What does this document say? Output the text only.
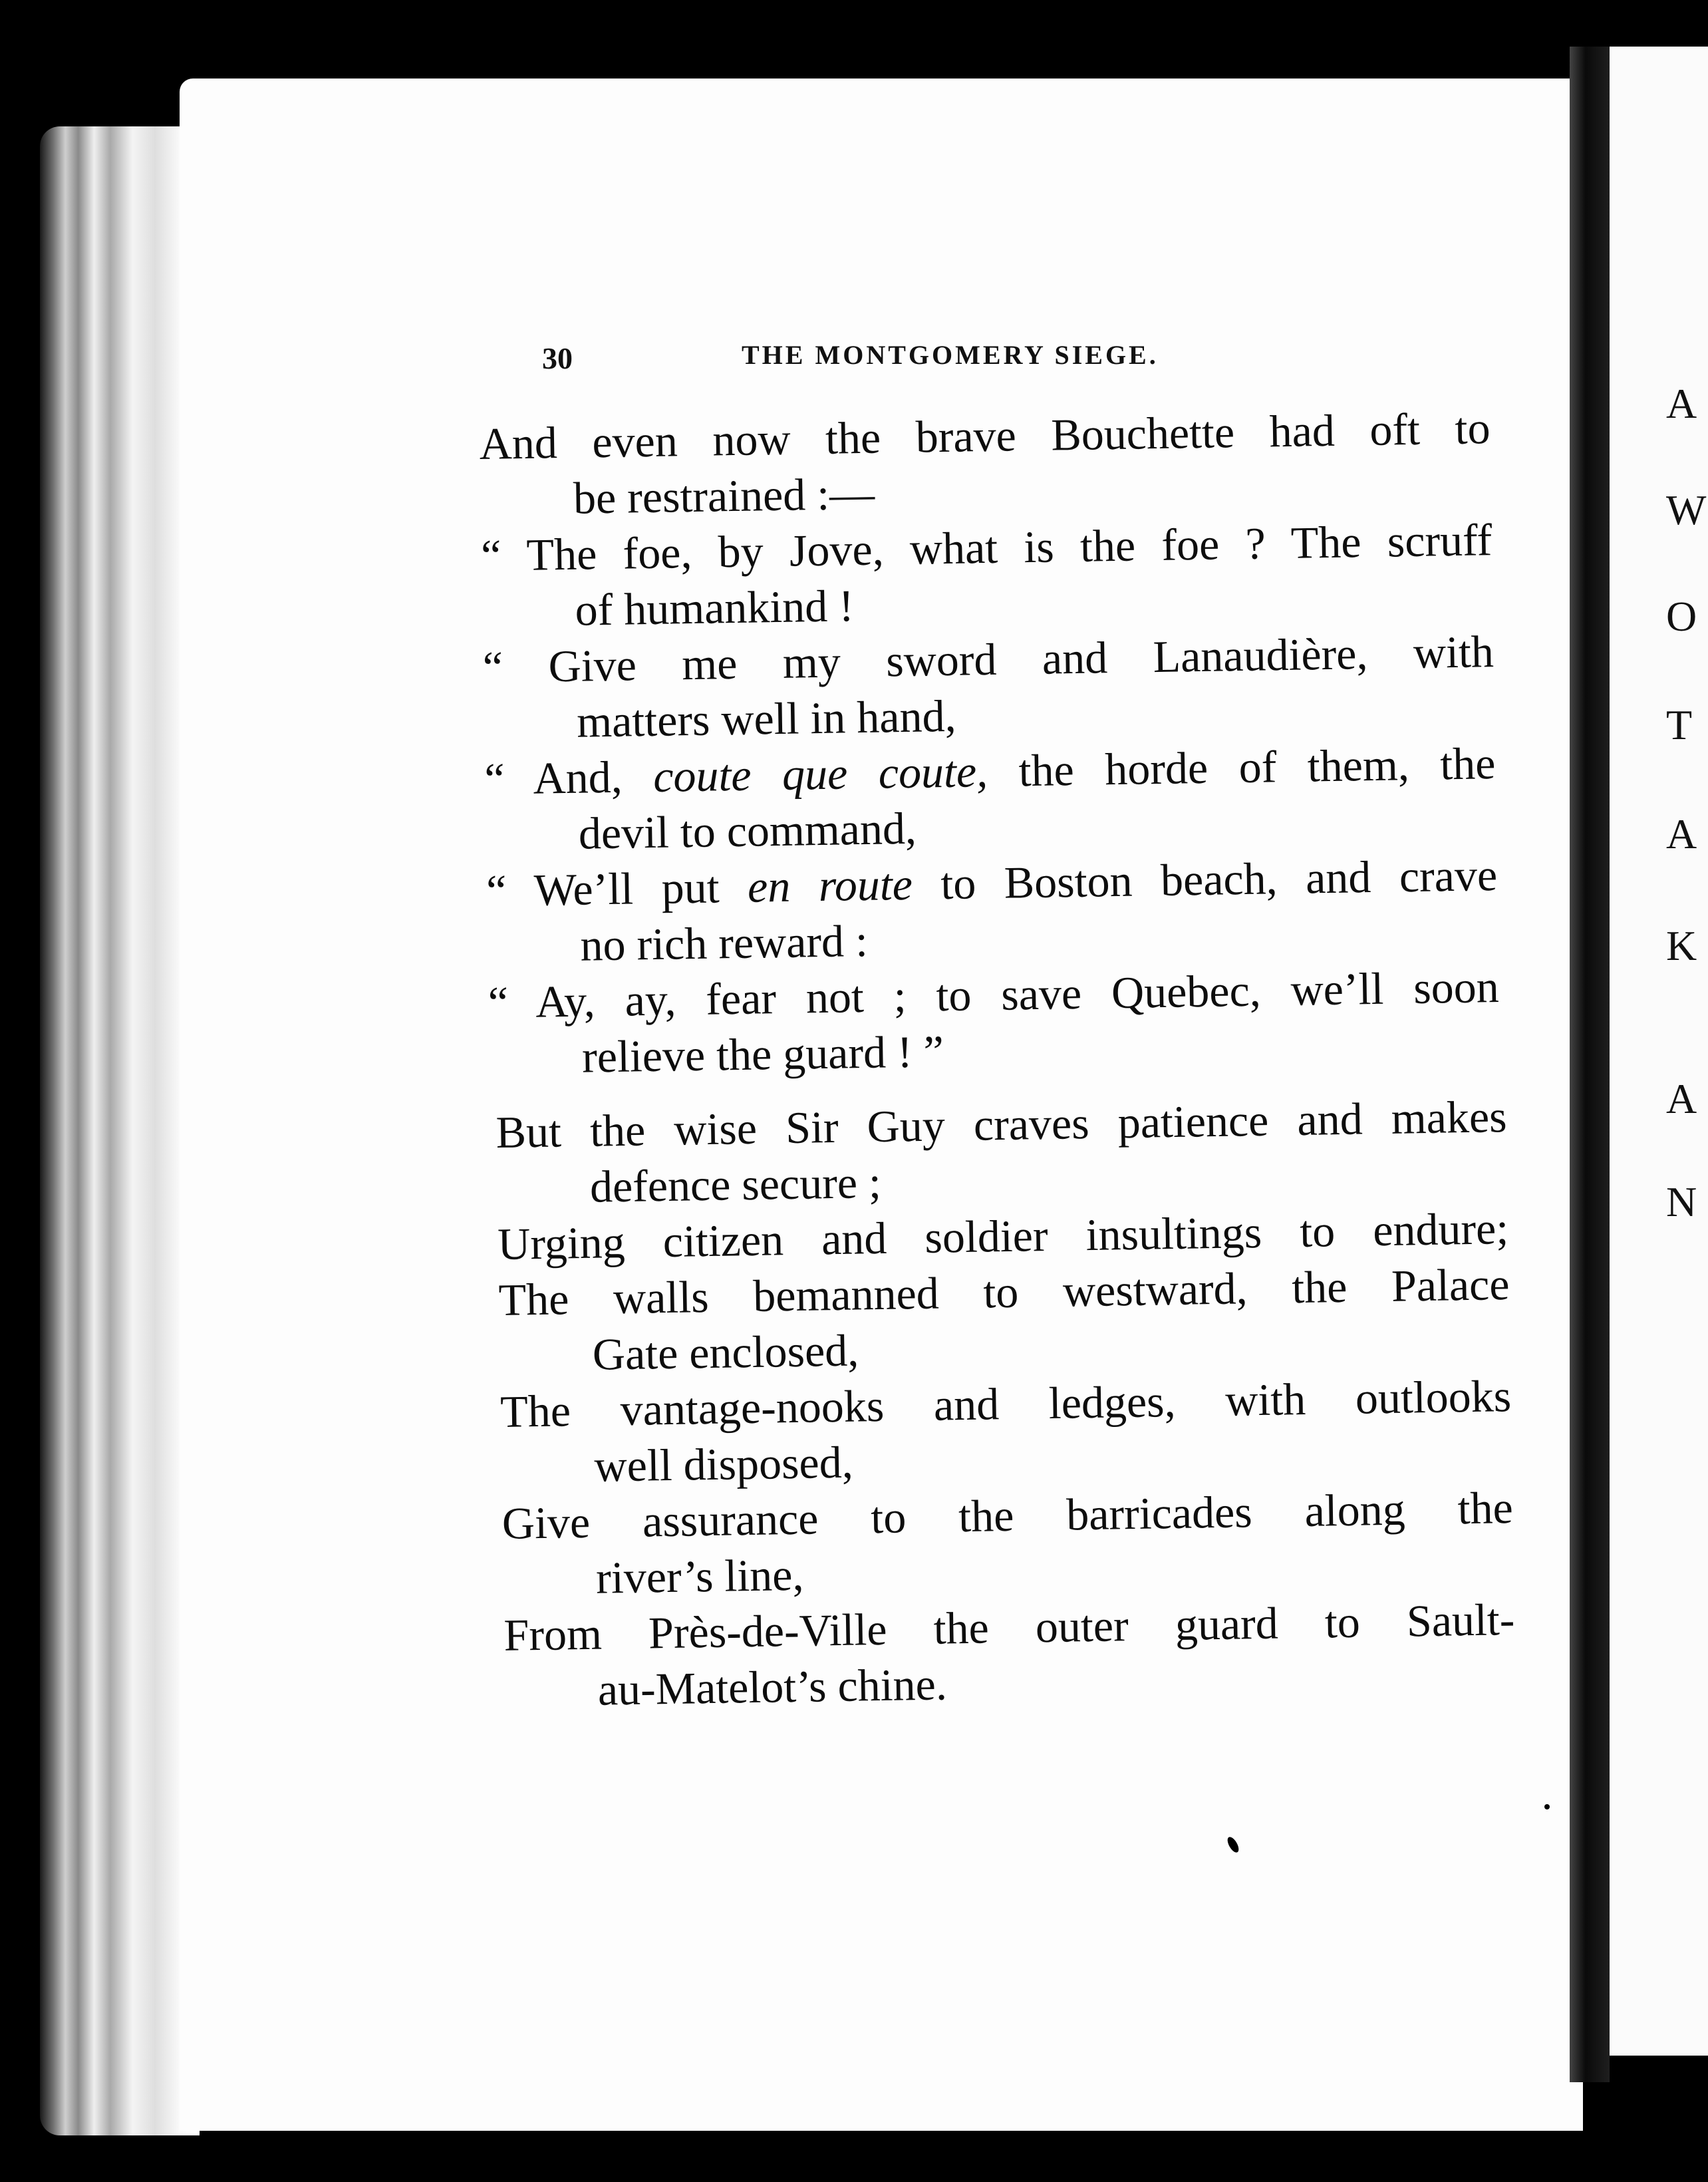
A
W
O
T
A
K
A
N
30	THE MONTGOMERY SIEGE.

And even now the brave Bouchette had oft to
be restrained :—

“ The foe, by Jove, what is the foe ? The scruff
of humankind !

“ Give me my sword and Lanaudière, with
matters well in hand,

“ And, coute que coute, the horde of them, the
devil to command,

“ We’ll put en route to Boston beach, and crave
no rich reward :

“ Ay, ay, fear not ; to save Quebec, we’ll soon
relieve the guard ! ”

But the wise Sir Guy craves patience and makes
defence secure ;

Urging citizen and soldier insultings to endure;

The walls bemanned to westward, the Palace
Gate enclosed,

The vantage-nooks and ledges, with outlooks
well disposed,

Give assurance to the barricades along the
river’s line,

From Près-de-Ville the outer guard to Sault-
au-Matelot’s chine.
